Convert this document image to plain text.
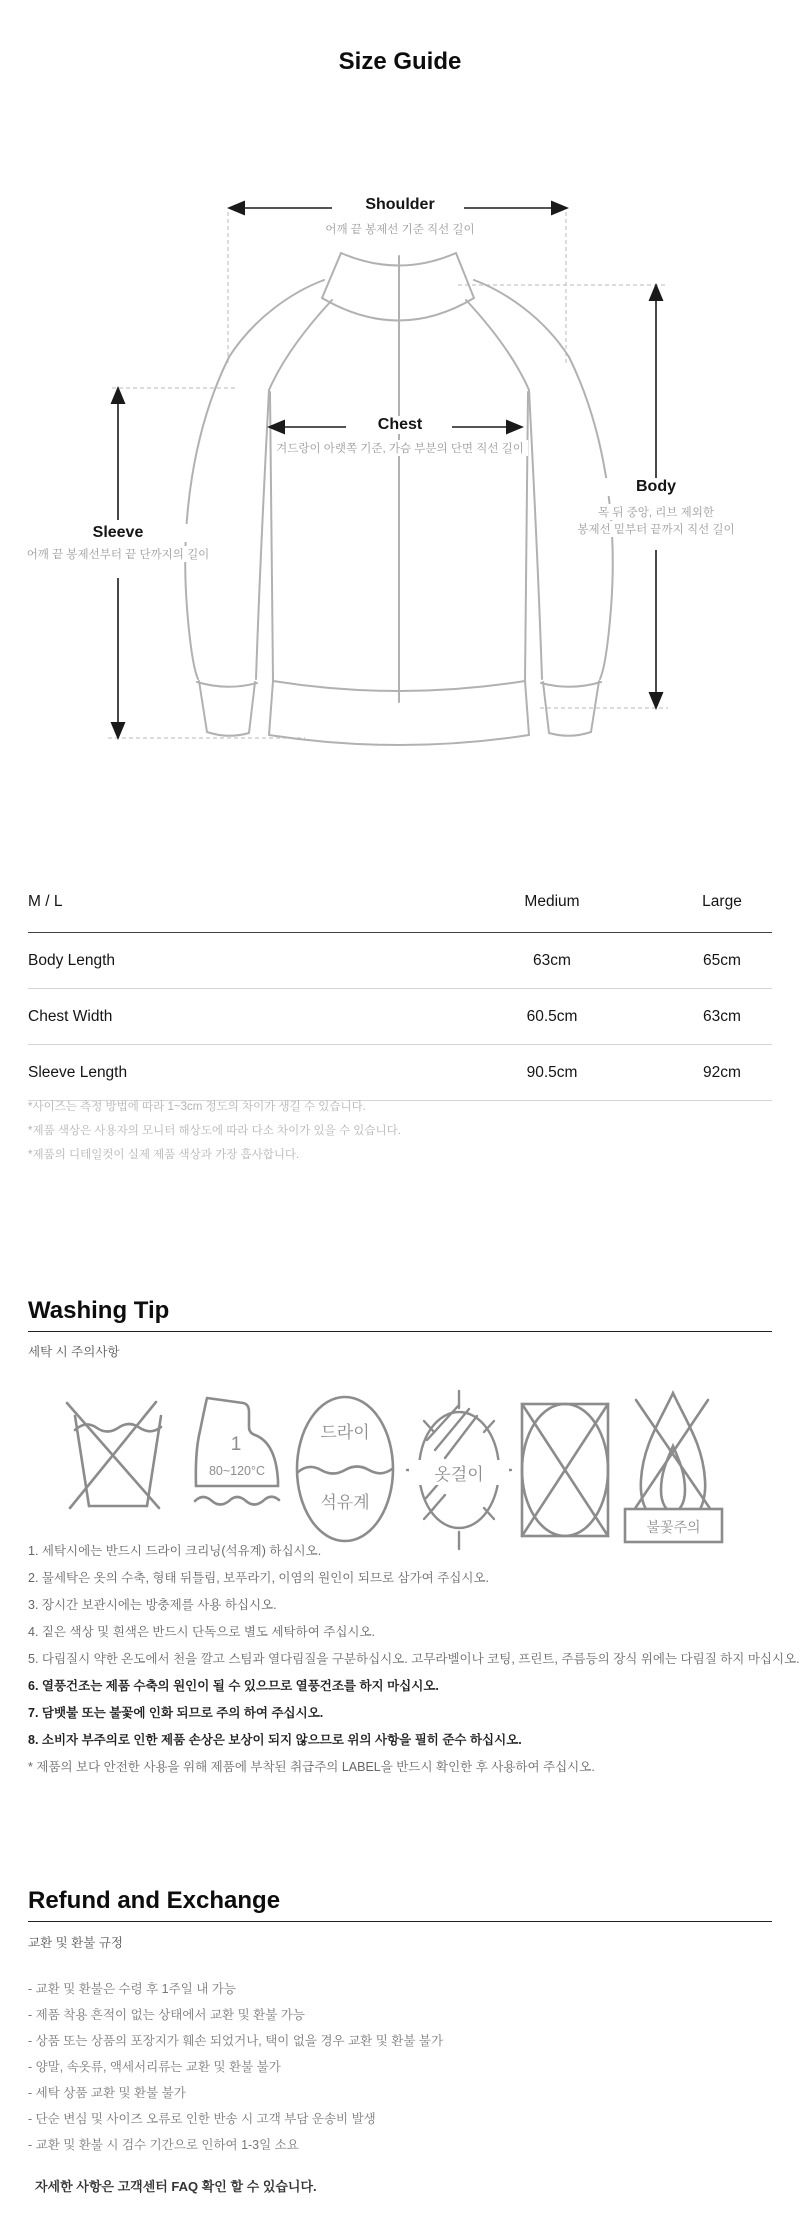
Size Guide
Shoulder
어깨 끝 봉제선 기준 직선 길이
Chest
겨드랑이 아랫쪽 기준, 가슴 부분의 단면 직선 길이
Sleeve
어깨 끝 봉제선부터 끝 단까지의 길이
Body
목 뒤 중앙, 리브 제외한
봉제선 밑부터 끝까지 직선 길이
M / L	Medium	Large
Body Length	63cm	65cm
Chest Width	60.5cm	63cm
Sleeve Length	90.5cm	92cm
*사이즈는 측정 방법에 따라 1~3cm 정도의 차이가 생길 수 있습니다.
*제품 색상은 사용자의 모니터 해상도에 따라 다소 차이가 있을 수 있습니다.
*제품의 디테일컷이 실제 제품 색상과 가장 흡사합니다.
Washing Tip
세탁 시 주의사항
1
80~120°C
드라이
석유계
옷걸이
불꽃주의
1. 세탁시에는 반드시 드라이 크리닝(석유계) 하십시오.
2. 물세탁은 옷의 수축, 형태 뒤틀림, 보푸라기, 이염의 원인이 되므로 삼가여 주십시오.
3. 장시간 보관시에는 방충제를 사용 하십시오.
4. 짙은 색상 및 흰색은 반드시 단독으로 별도 세탁하여 주십시오.
5. 다림질시 약한 온도에서 천을 깔고 스팀과 열다림질을 구분하십시오. 고무라벨이나 코팅, 프린트, 주름등의 장식 위에는 다림질 하지 마십시오.
6. 열풍건조는 제품 수축의 원인이 될 수 있으므로 열풍건조를 하지 마십시오.
7. 담뱃불 또는 불꽃에 인화 되므로 주의 하여 주십시오.
8. 소비자 부주의로 인한 제품 손상은 보상이 되지 않으므로 위의 사항을 필히 준수 하십시오.
* 제품의 보다 안전한 사용을 위해 제품에 부착된 취급주의 LABEL을 반드시 확인한 후 사용하여 주십시오.
Refund and Exchange
교환 및 환불 규정
- 교환 및 환불은 수령 후 1주일 내 가능
- 제품 착용 흔적이 없는 상태에서 교환 및 환불 가능
- 상품 또는 상품의 포장지가 훼손 되었거나, 택이 없을 경우 교환 및 환불 불가
- 양말, 속옷류, 액세서리류는 교환 및 환불 불가
- 세탁 상품 교환 및 환불 불가
- 단순 변심 및 사이즈 오류로 인한 반송 시 고객 부담 운송비 발생
- 교환 및 환불 시 검수 기간으로 인하여 1-3일 소요
자세한 사항은 고객센터 FAQ 확인 할 수 있습니다.
